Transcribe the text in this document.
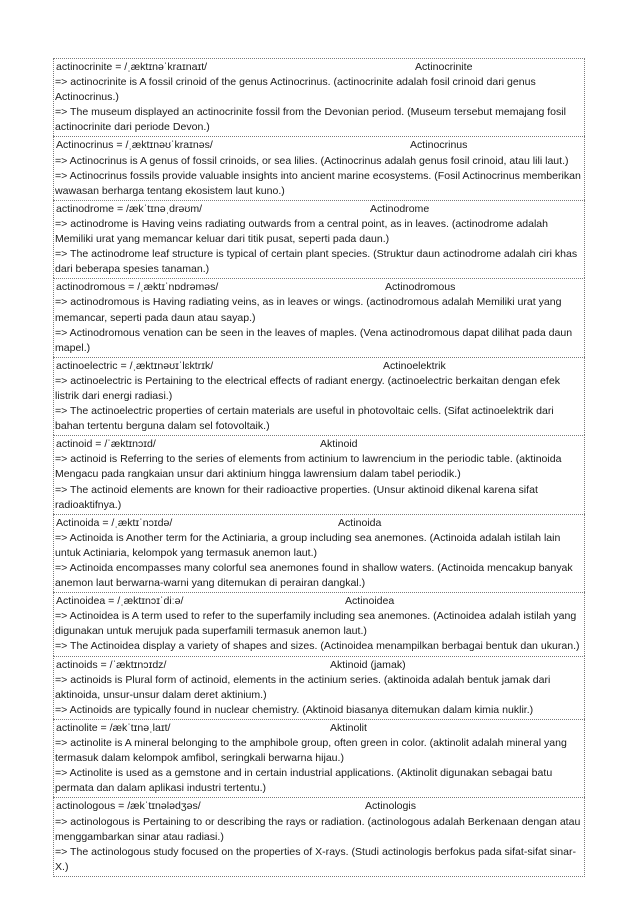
actinocrinite = /ˌæktɪnəˈkraɪnaɪt/	Actinocrinite
=> actinocrinite is A fossil crinoid of the genus Actinocrinus. (actinocrinite adalah fosil crinoid dari genus Actinocrinus.)
=> The museum displayed an actinocrinite fossil from the Devonian period. (Museum tersebut memajang fosil actinocrinite dari periode Devon.)
Actinocrinus = /ˌæktɪnəʊˈkraɪnəs/	Actinocrinus
=> Actinocrinus is A genus of fossil crinoids, or sea lilies. (Actinocrinus adalah genus fosil crinoid, atau lili laut.)
=> Actinocrinus fossils provide valuable insights into ancient marine ecosystems. (Fosil Actinocrinus memberikan wawasan berharga tentang ekosistem laut kuno.)
actinodrome = /ækˈtɪnəˌdrəʊm/	Actinodrome
=> actinodrome is Having veins radiating outwards from a central point, as in leaves. (actinodrome adalah Memiliki urat yang memancar keluar dari titik pusat, seperti pada daun.)
=> The actinodrome leaf structure is typical of certain plant species. (Struktur daun actinodrome adalah ciri khas dari beberapa spesies tanaman.)
actinodromous = /ˌæktɪˈnɒdrəməs/	Actinodromous
=> actinodromous is Having radiating veins, as in leaves or wings. (actinodromous adalah Memiliki urat yang memancar, seperti pada daun atau sayap.)
=> Actinodromous venation can be seen in the leaves of maples. (Vena actinodromous dapat dilihat pada daun mapel.)
actinoelectric = /ˌæktɪnəʊɪˈlɛktrɪk/	Actinoelektrik
=> actinoelectric is Pertaining to the electrical effects of radiant energy. (actinoelectric berkaitan dengan efek listrik dari energi radiasi.)
=> The actinoelectric properties of certain materials are useful in photovoltaic cells. (Sifat actinoelektrik dari bahan tertentu berguna dalam sel fotovoltaik.)
actinoid = /ˈæktɪnɔɪd/	Aktinoid
=> actinoid is Referring to the series of elements from actinium to lawrencium in the periodic table. (aktinoida Mengacu pada rangkaian unsur dari aktinium hingga lawrensium dalam tabel periodik.)
=> The actinoid elements are known for their radioactive properties. (Unsur aktinoid dikenal karena sifat radioaktifnya.)
Actinoida = /ˌæktɪˈnɔɪdə/	Actinoida
=> Actinoida is Another term for the Actiniaria, a group including sea anemones. (Actinoida adalah istilah lain untuk Actiniaria, kelompok yang termasuk anemon laut.)
=> Actinoida encompasses many colorful sea anemones found in shallow waters. (Actinoida mencakup banyak anemon laut berwarna-warni yang ditemukan di perairan dangkal.)
Actinoidea = /ˌæktɪnɔɪˈdiːə/	Actinoidea
=> Actinoidea is A term used to refer to the superfamily including sea anemones. (Actinoidea adalah istilah yang digunakan untuk merujuk pada superfamili termasuk anemon laut.)
=> The Actinoidea display a variety of shapes and sizes. (Actinoidea menampilkan berbagai bentuk dan ukuran.)
actinoids = /ˈæktɪnɔɪdz/	Aktinoid (jamak)
=> actinoids is Plural form of actinoid, elements in the actinium series. (aktinoida adalah bentuk jamak dari aktinoida, unsur-unsur dalam deret aktinium.)
=> Actinoids are typically found in nuclear chemistry. (Aktinoid biasanya ditemukan dalam kimia nuklir.)
actinolite = /ækˈtɪnəˌlaɪt/	Aktinolit
=> actinolite is A mineral belonging to the amphibole group, often green in color. (aktinolit adalah mineral yang termasuk dalam kelompok amfibol, seringkali berwarna hijau.)
=> Actinolite is used as a gemstone and in certain industrial applications. (Aktinolit digunakan sebagai batu permata dan dalam aplikasi industri tertentu.)
actinologous = /ækˈtɪnələdʒəs/	Actinologis
=> actinologous is Pertaining to or describing the rays or radiation. (actinologous adalah Berkenaan dengan atau menggambarkan sinar atau radiasi.)
=> The actinologous study focused on the properties of X-rays. (Studi actinologis berfokus pada sifat-sifat sinar-X.)
